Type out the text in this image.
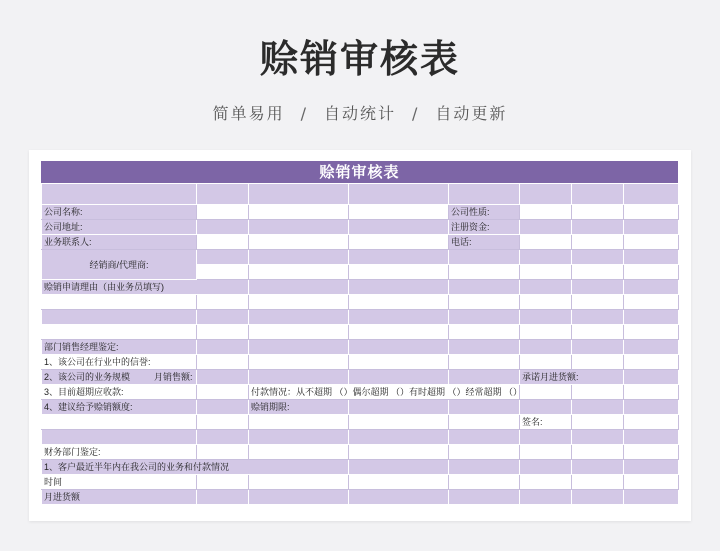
赊销审核表
简单易用 / 自动统计 / 自动更新
赊销审核表

公司名称:				公司性质:			
公司地址:				注册资金:			
业务联系人:				电话:			
经销商/代理商:							

赊销申请理由（由业务员填写)							

部门销售经理鉴定:							
1、该公司在行业中的信誉:							
2、该公司的业务规模 月销售额:					承诺月进货额:		
3、目前超期应收款:		付款情况：从不超期 （）偶尔超期 （）有时超期 （）经常超期 （）					
4、建议给予赊销额度:		赊销期限:					
					签名:		

财务部门鉴定:							
1、客户最近半年内在我公司的业务和付款情况							
时间							
月进货额							
